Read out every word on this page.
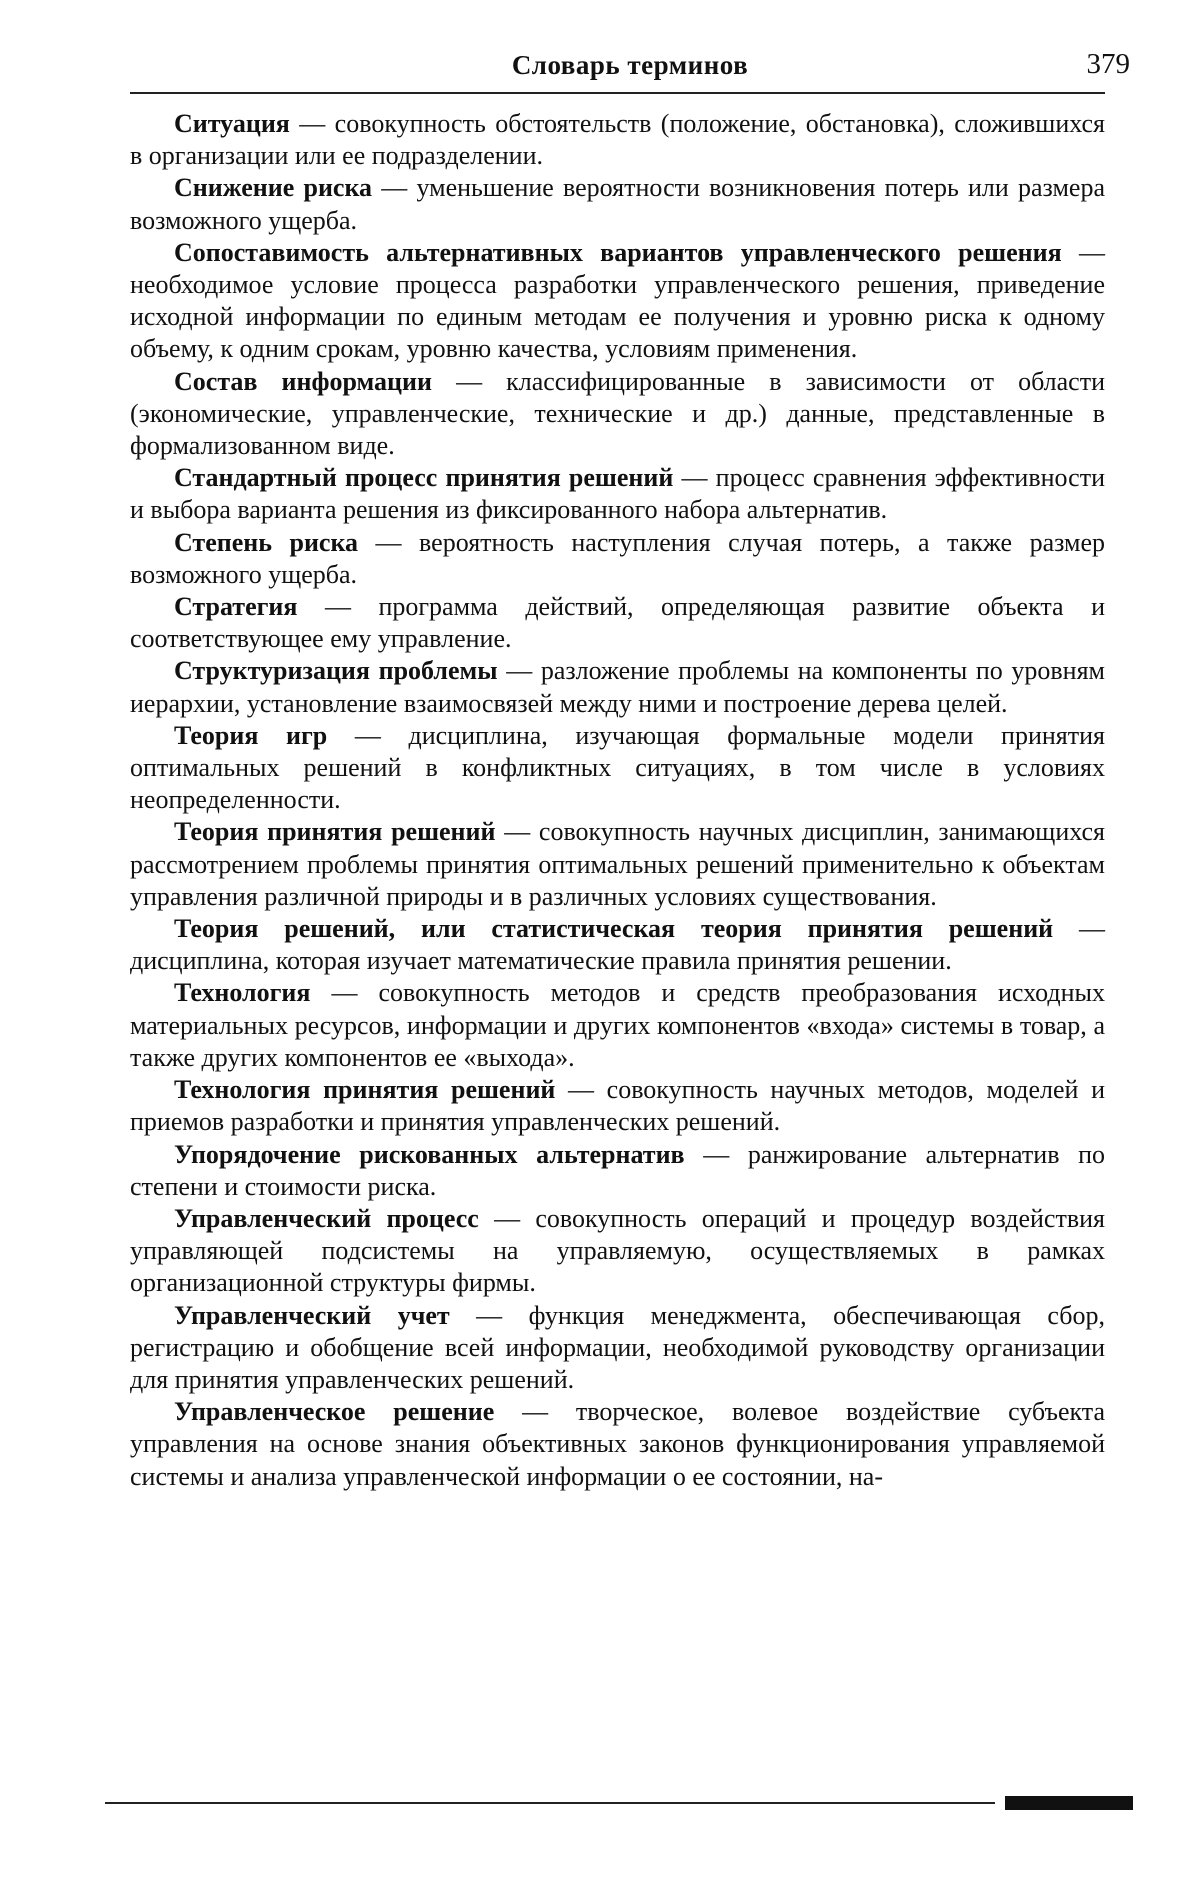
Словарь терминов	379

Ситуация — совокупность обстоятельств (положение, обстановка), сложившихся в организации или ее подразделении.

Снижение риска — уменьшение вероятности возникновения потерь или размера возможного ущерба.

Сопоставимость альтернативных вариантов управленческого решения — необходимое условие процесса разработки управленческого решения, приведение исходной информации по единым методам ее получения и уровню риска к одному объему, к одним срокам, уровню качества, условиям применения.

Состав информации — классифицированные в зависимости от области (экономические, управленческие, технические и др.) данные, представленные в формализованном виде.

Стандартный процесс принятия решений — процесс сравнения эффективности и выбора варианта решения из фиксированного набора альтернатив.

Степень риска — вероятность наступления случая потерь, а также размер возможного ущерба.

Стратегия — программа действий, определяющая развитие объекта и соответствующее ему управление.

Структуризация проблемы — разложение проблемы на компоненты по уровням иерархии, установление взаимосвязей между ними и построение дерева целей.

Теория игр — дисциплина, изучающая формальные модели принятия оптимальных решений в конфликтных ситуациях, в том числе в условиях неопределенности.

Теория принятия решений — совокупность научных дисциплин, занимающихся рассмотрением проблемы принятия оптимальных решений применительно к объектам управления различной природы и в различных условиях существования.

Теория решений, или статистическая теория принятия решений — дисциплина, которая изучает математические правила принятия решении.

Технология — совокупность методов и средств преобразования исходных материальных ресурсов, информации и других компонентов «входа» системы в товар, а также других компонентов ее «выхода».

Технология принятия решений — совокупность научных методов, моделей и приемов разработки и принятия управленческих решений.

Упорядочение рискованных альтернатив — ранжирование альтернатив по степени и стоимости риска.

Управленческий процесс — совокупность операций и процедур воздействия управляющей подсистемы на управляемую, осуществляемых в рамках организационной структуры фирмы.

Управленческий учет — функция менеджмента, обеспечивающая сбор, регистрацию и обобщение всей информации, необходимой руководству организации для принятия управленческих решений.

Управленческое решение — творческое, волевое воздействие субъекта управления на основе знания объективных законов функционирования управляемой системы и анализа управленческой информации о ее состоянии, на-
